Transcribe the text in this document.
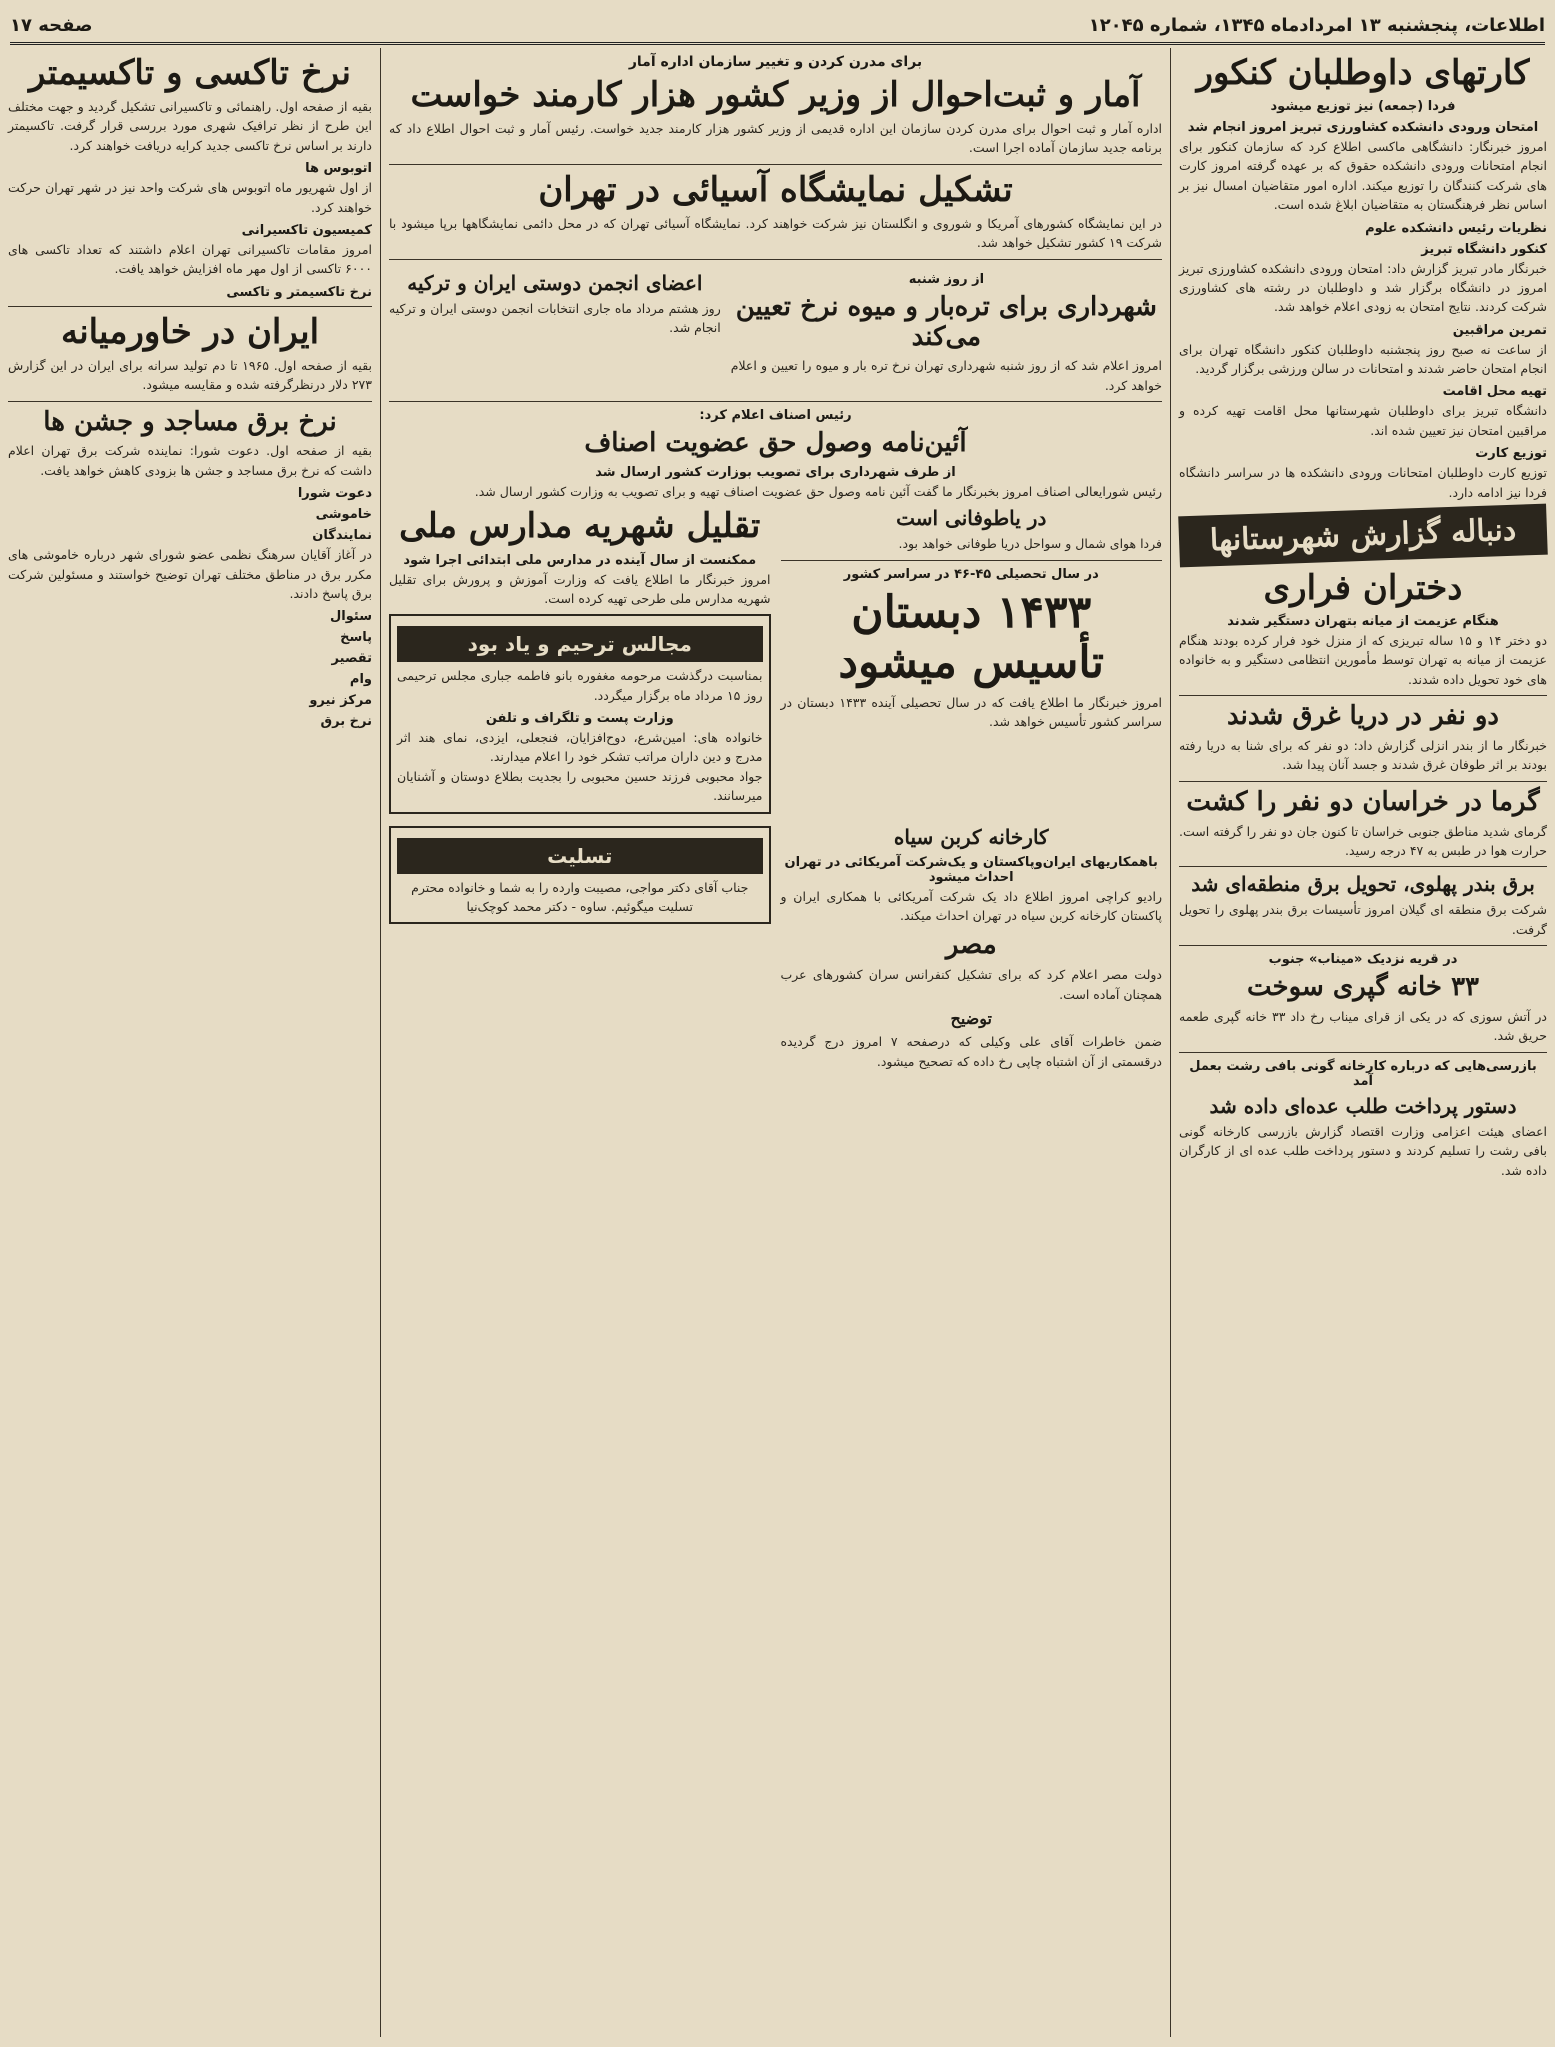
اطلاعات، پنجشنبه ۱۳ امردادماه ۱۳۴۵، شماره ۱۲۰۴۵
صفحه ۱۷
کارتهای داوطلبان کنکور
فردا (جمعه) نیز توزیع میشود
امتحان ورودی دانشکده کشاورزی تبریز امروز انجام شد
امروز خبرنگار: دانشگاهی ماکسی اطلاع کرد که سازمان کنکور برای انجام امتحانات ورودی دانشکده حقوق که بر عهده گرفته امروز کارت های شرکت کنندگان را توزیع میکند. اداره امور متقاضیان امسال نیز بر اساس نظر فرهنگستان به متقاضیان ابلاغ شده است.
نظریات رئیس دانشکده علوم
کنکور دانشگاه تبریز
خبرنگار مادر تبریز گزارش داد: امتحان ورودی دانشکده کشاورزی تبریز امروز در دانشگاه برگزار شد و داوطلبان در رشته های کشاورزی شرکت کردند. نتایج امتحان به زودی اعلام خواهد شد.
تمرین مراقبین
از ساعت نه صبح روز پنجشنبه داوطلبان کنکور دانشگاه تهران برای انجام امتحان حاضر شدند و امتحانات در سالن ورزشی برگزار گردید.
تهیه محل اقامت
دانشگاه تبریز برای داوطلبان شهرستانها محل اقامت تهیه کرده و مراقبین امتحان نیز تعیین شده اند.
توزیع کارت
توزیع کارت داوطلبان امتحانات ورودی دانشکده ها در سراسر دانشگاه فردا نیز ادامه دارد.
دنباله گزارش شهرستانها
دختران فراری
هنگام عزیمت از میانه بتهران دستگیر شدند
دو دختر ۱۴ و ۱۵ ساله تبریزی که از منزل خود فرار کرده بودند هنگام عزیمت از میانه به تهران توسط مأمورین انتظامی دستگیر و به خانواده های خود تحویل داده شدند.
دو نفر در دریا غرق شدند
خبرنگار ما از بندر انزلی گزارش داد: دو نفر که برای شنا به دریا رفته بودند بر اثر طوفان غرق شدند و جسد آنان پیدا شد.
گرما در خراسان دو نفر را کشت
گرمای شدید مناطق جنوبی خراسان تا کنون جان دو نفر را گرفته است. حرارت هوا در طبس به ۴۷ درجه رسید.
برق بندر پهلوی، تحویل برق منطقه‌ای شد
شرکت برق منطقه ای گیلان امروز تأسیسات برق بندر پهلوی را تحویل گرفت.
در قریه نزدیک «میناب» جنوب
۳۳ خانه گپری سوخت
در آتش سوزی که در یکی از قرای میناب رخ داد ۳۳ خانه گپری طعمه حریق شد.
بازرسی‌هایی که درباره کارخانه گونی بافی رشت بعمل آمد
دستور پرداخت طلب عده‌ای داده شد
اعضای هیئت اعزامی وزارت اقتصاد گزارش بازرسی کارخانه گونی بافی رشت را تسلیم کردند و دستور پرداخت طلب عده ای از کارگران داده شد.
برای مدرن کردن و تغییر سازمان اداره آمار
آمار و ثبت‌احوال از وزیر کشور هزار کارمند خواست
اداره آمار و ثبت احوال برای مدرن کردن سازمان این اداره قدیمی از وزیر کشور هزار کارمند جدید خواست. رئیس آمار و ثبت احوال اطلاع داد که برنامه جدید سازمان آماده اجرا است.
تشکیل نمایشگاه آسیائی در تهران
در این نمایشگاه کشورهای آمریکا و شوروی و انگلستان نیز شرکت خواهند کرد. نمایشگاه آسیائی تهران که در محل دائمی نمایشگاهها برپا میشود با شرکت ۱۹ کشور تشکیل خواهد شد.
از روز شنبه
شهرداری برای تره‌بار و میوه نرخ تعیین می‌کند
امروز اعلام شد که از روز شنبه شهرداری تهران نرخ تره بار و میوه را تعیین و اعلام خواهد کرد.
اعضای انجمن دوستی ایران و ترکیه
روز هشتم مرداد ماه جاری انتخابات انجمن دوستی ایران و ترکیه انجام شد.
رئیس اصناف اعلام کرد:
آئین‌نامه وصول حق عضویت اصناف
از طرف شهرداری برای تصویب بوزارت کشور ارسال شد
رئیس شورایعالی اصناف امروز بخبرنگار ما گفت آئین نامه وصول حق عضویت اصناف تهیه و برای تصویب به وزارت کشور ارسال شد.
در یاطوفانی است
فردا هوای شمال و سواحل دریا طوفانی خواهد بود.
در سال تحصیلی ۴۵-۴۶ در سراسر کشور
۱۴۳۳ دبستان تأسیس میشود
امروز خبرنگار ما اطلاع یافت که در سال تحصیلی آینده ۱۴۳۳ دبستان در سراسر کشور تأسیس خواهد شد.
تقلیل شهریه مدارس ملی
ممکنست از سال آینده در مدارس ملی ابتدائی اجرا شود
امروز خبرنگار ما اطلاع یافت که وزارت آموزش و پرورش برای تقلیل شهریه مدارس ملی طرحی تهیه کرده است.
مجالس ترحیم و یاد بود
بمناسبت درگذشت مرحومه مغفوره بانو فاطمه جباری مجلس ترحیمی روز ۱۵ مرداد ماه برگزار میگردد.
وزارت پست و تلگراف و تلفن
خانواده های: امین‌شرع، دوح‌افزایان، فنجعلی، ایزدی، نمای هند اثر مدرج و دین داران مراتب تشکر خود را اعلام میدارند.
جواد محبوبی فرزند حسین محبوبی را بجدیت بطلاع دوستان و آشنایان میرسانند.
کارخانه کربن سیاه
باهمکاریهای ایران‌وپاکستان و یک‌شرکت آمریکائی در تهران احداث میشود
رادیو کراچی امروز اطلاع داد یک شرکت آمریکائی با همکاری ایران و پاکستان کارخانه کربن سیاه در تهران احداث میکند.
مصر
دولت مصر اعلام کرد که برای تشکیل کنفرانس سران کشورهای عرب همچنان آماده است.
توضیح
ضمن خاطرات آقای علی وکیلی که درصفحه ۷ امروز درج گردیده درقسمتی از آن اشتباه چاپی رخ داده که تصحیح میشود.
تسلیت
جناب آقای دکتر مواجی، مصیبت وارده را به شما و خانواده محترم تسلیت میگوئیم. ساوه - دکتر محمد کوچک‌نیا
نرخ تاکسی و تاکسیمتر
بقیه از صفحه اول. راهنمائی و تاکسیرانی تشکیل گردید و جهت مختلف این طرح از نظر ترافیک شهری مورد بررسی قرار گرفت. تاکسیمتر دارند بر اساس نرخ تاکسی جدید کرایه دریافت خواهند کرد.
اتوبوس ها
از اول شهریور ماه اتوبوس های شرکت واحد نیز در شهر تهران حرکت خواهند کرد.
کمیسیون تاکسیرانی
امروز مقامات تاکسیرانی تهران اعلام داشتند که تعداد تاکسی های ۶۰۰۰ تاکسی از اول مهر ماه افزایش خواهد یافت.
نرخ تاکسیمتر و تاکسی
ایران در خاورمیانه
بقیه از صفحه اول. ۱۹۶۵ تا دم تولید سرانه برای ایران در این گزارش ۲۷۳ دلار درنظرگرفته شده و مقایسه میشود.
نرخ برق مساجد و جشن ها
بقیه از صفحه اول. دعوت شورا: نماینده شرکت برق تهران اعلام داشت که نرخ برق مساجد و جشن ها بزودی کاهش خواهد یافت.
دعوت شورا
خاموشی
نمایندگان
در آغاز آقایان سرهنگ نظمی عضو شورای شهر درباره خاموشی های مکرر برق در مناطق مختلف تهران توضیح خواستند و مسئولین شرکت برق پاسخ دادند.
سئوال
پاسخ
تقصیر
وام
مرکز نیرو
نرخ برق
